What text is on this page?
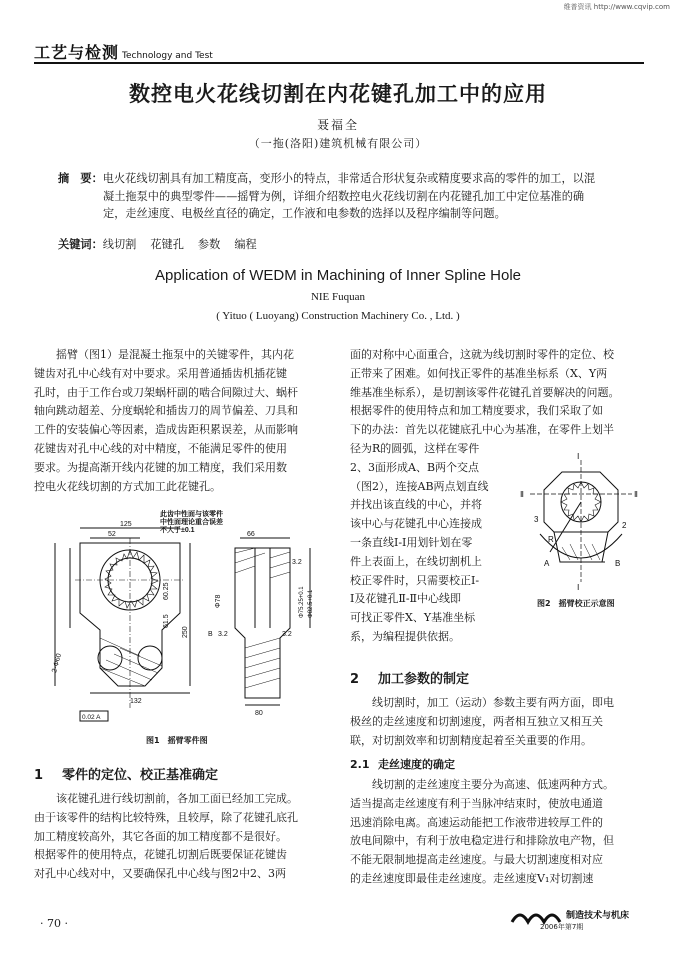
维普资讯 http://www.cqvip.com
工艺与检测 Technology and Test
数控电火花线切割在内花键孔加工中的应用
聂福全
（一拖(洛阳)建筑机械有限公司）
摘　要： 电火花线切割具有加工精度高，变形小的特点，非常适合形状复杂或精度要求高的零件的加工，以混
凝土拖泵中的典型零件——摇臂为例，详细介绍数控电火花线切割在内花键孔加工中定位基准的确
定，走丝速度、电极丝直径的确定，工作液和电参数的选择以及程序编制等问题。
关键词：线切割 花键孔 参数 编程
Application of WEDM in Machining of Inner Spline Hole
NIE Fuquan
( Yituo ( Luoyang) Construction Machinery Co. , Ltd. )

摇臂（图1）是混凝土拖泵中的关键零件，其内花

键齿对孔中心线有对中要求。采用普通插齿机插花键

孔时，由于工作台或刀架蜗杆副的啮合间隙过大、蜗杆

轴向跳动超差、分度蜗轮和插齿刀的周节偏差、刀具和

工件的安装偏心等因素，造成齿距积累误差，从而影响

花键齿对孔中心线的对中精度，不能满足零件的使用

要求。为提高渐开线内花键的加工精度，我们采用数

控电火花线切割的方式加工此花键孔。

此齿中性面与该零件
中性面理论重合误差
不大于±0.1
125
52	66
60.25
61.5
250
Φ78	Φ75.25+0.1 Φ82.5+0.1
3.2
B 3.2	3.2
132
80
2-Φ60
0.02 A
图1　摇臂零件图
1 零件的定位、校正基准确定

该花键孔进行线切割前，各加工面已经加工完成。

由于该零件的结构比较特殊，且较厚，除了花键孔底孔

加工精度较高外，其它各面的加工精度都不是很好。

根据零件的使用特点，花键孔切割后既要保证花键齿

对孔中心线对中，又要确保孔中心线与图2中2、3两

面的对称中心面重合，这就为线切割时零件的定位、校

正带来了困难。如何找正零件的基准坐标系（X、Y两

维基准坐标系），是切割该零件花键孔首要解决的问题。

根据零件的使用特点和加工精度要求，我们采取了如

下的办法：首先以花键底孔中心为基准，在零件上划半

径为R的圆弧，这样在零件

2、3面形成A、B两个交点

（图2），连接AB两点划直线

并找出该直线的中心，并将

该中心与花键孔中心连接成

一条直线Ⅰ-Ⅰ用划针划在零

件上表面上，在线切割机上

校正零件时，只需要校正Ⅰ-

Ⅰ及花键孔Ⅱ-Ⅱ中心线即

可找正零件X、Y基准坐标

系，为编程提供依据。

Ⅰ
Ⅰ
Ⅱ	Ⅱ
3
2
R
A	B
图2　摇臂校正示意图
2 加工参数的制定

线切割时，加工（运动）参数主要有两方面，即电

极丝的走丝速度和切割速度，两者相互独立又相互关

联，对切割效率和切割精度起着至关重要的作用。

2.1 走丝速度的确定

线切割的走丝速度主要分为高速、低速两种方式。

适当提高走丝速度有利于当脉冲结束时，使放电通道

迅速消除电离。高速运动能把工作液带进较厚工件的

放电间隙中，有利于放电稳定进行和排除放电产物，但

不能无限制地提高走丝速度。与最大切割速度相对应

的走丝速度即最佳走丝速度。走丝速度V₁对切割速

· 70 ·
制造技术与机床
2006年第7期
